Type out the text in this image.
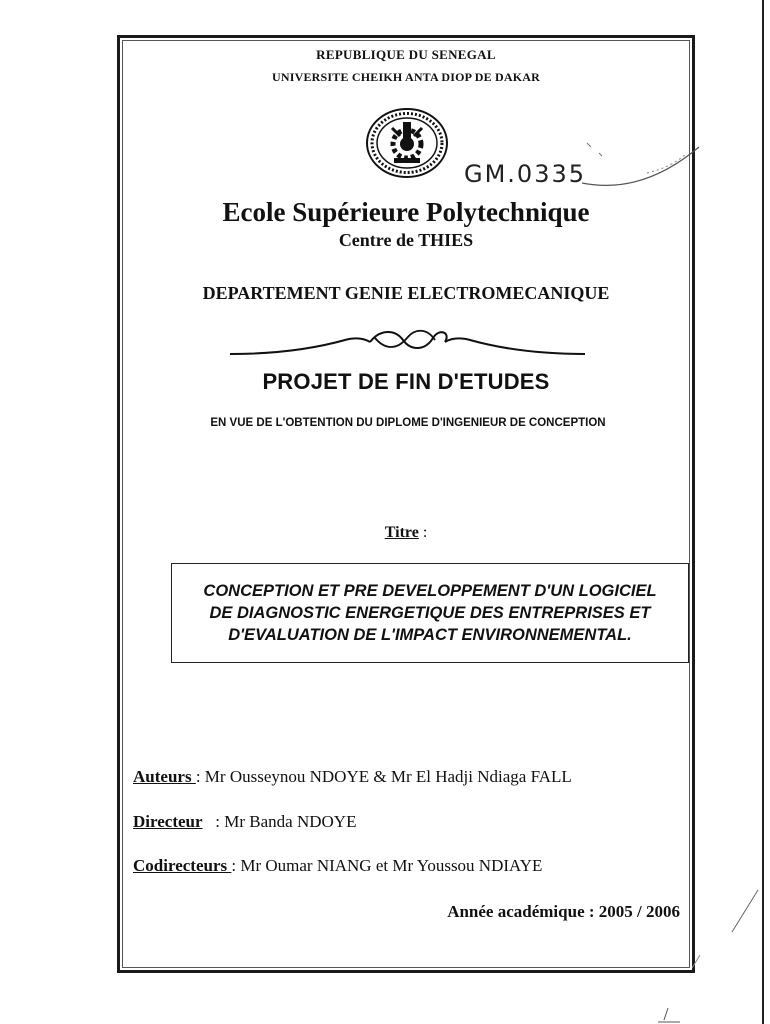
REPUBLIQUE DU SENEGAL
UNIVERSITE CHEIKH ANTA DIOP DE DAKAR
GM.0335
Ecole Supérieure Polytechnique
Centre de THIES
DEPARTEMENT GENIE ELECTROMECANIQUE
PROJET DE FIN D'ETUDES
EN VUE DE L'OBTENTION DU DIPLOME D'INGENIEUR DE CONCEPTION
Titre :
CONCEPTION ET PRE DEVELOPPEMENT D'UN LOGICIEL DE DIAGNOSTIC ENERGETIQUE DES ENTREPRISES ET D'EVALUATION DE L'IMPACT ENVIRONNEMENTAL.
Auteurs : Mr Ousseynou NDOYE & Mr El Hadji Ndiaga FALL
Directeur   : Mr Banda NDOYE
Codirecteurs : Mr Oumar NIANG et Mr Youssou NDIAYE
Année académique : 2005 / 2006
